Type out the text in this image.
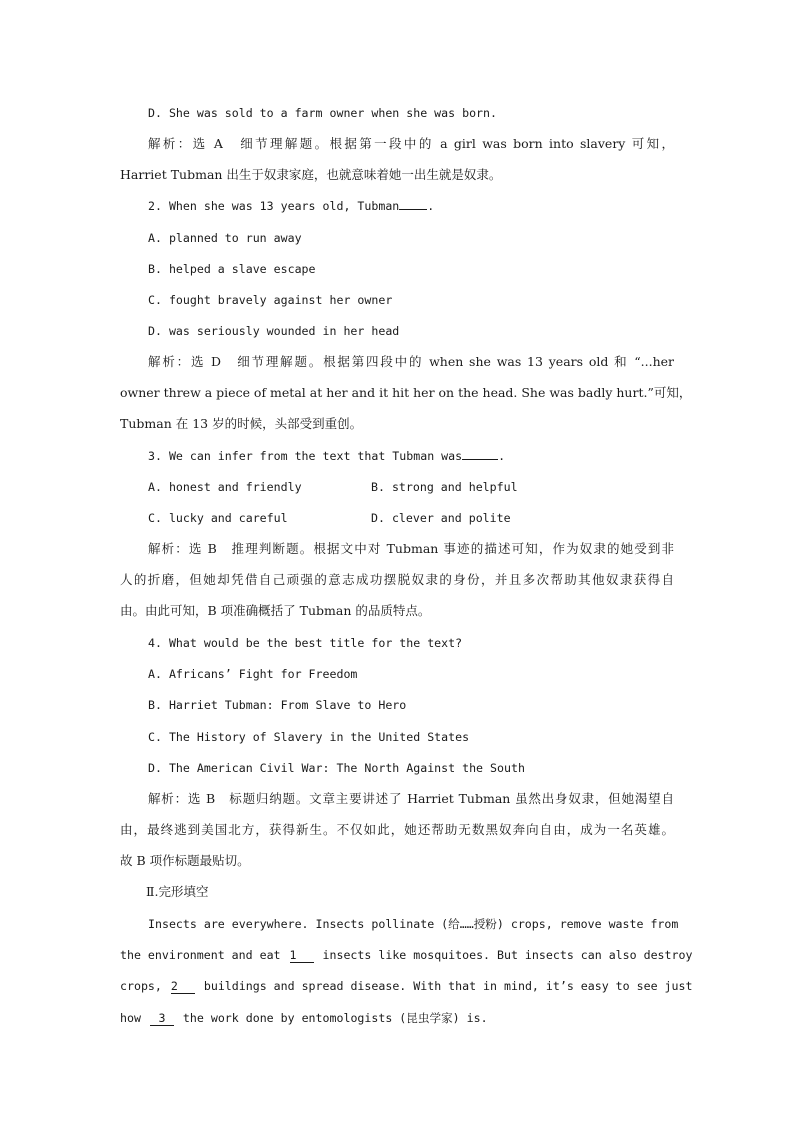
D. She was sold to a farm owner when she was born.
解析：选 A　细节理解题。根据第一段中的 a girl was born into slavery 可知，
Harriet Tubman 出生于奴隶家庭，也就意味着她一出生就是奴隶。
2. When she was 13 years old, Tubman .
A. planned to run away
B. helped a slave escape
C. fought bravely against her owner
D. was seriously wounded in her head
解析：选 D　细节理解题。根据第四段中的 when she was 13 years old 和 “...her
owner threw a piece of metal at her and it hit her on the head. She was badly hurt.”可知，
Tubman 在 13 岁的时候，头部受到重创。
3. We can infer from the text that Tubman was	.
A. honest and friendly	B. strong and helpful
C. lucky and careful	D. clever and polite
解析：选 B　推理判断题。根据文中对 Tubman 事迹的描述可知，作为奴隶的她受到非
人的折磨，但她却凭借自己顽强的意志成功摆脱奴隶的身份，并且多次帮助其他奴隶获得自
由。由此可知，B 项准确概括了 Tubman 的品质特点。
4. What would be the best title for the text?
A. Africans’ Fight for Freedom
B. Harriet Tubman: From Slave to Hero
C. The History of Slavery in the United States
D. The American Civil War: The North Against the South
解析：选 B　标题归纳题。文章主要讲述了 Harriet Tubman 虽然出身奴隶，但她渴望自
由，最终逃到美国北方，获得新生。不仅如此，她还帮助无数黑奴奔向自由，成为一名英雄。
故 B 项作标题最贴切。
Ⅱ.完形填空
Insects are everywhere. Insects pollinate (给……授粉) crops, remove waste from
the environment and eat 1 insects like mosquitoes. But insects can also destroy
crops, 2 buildings and spread disease. With that in mind, it’s easy to see just
how 3 the work done by entomologists (昆虫学家) is.
